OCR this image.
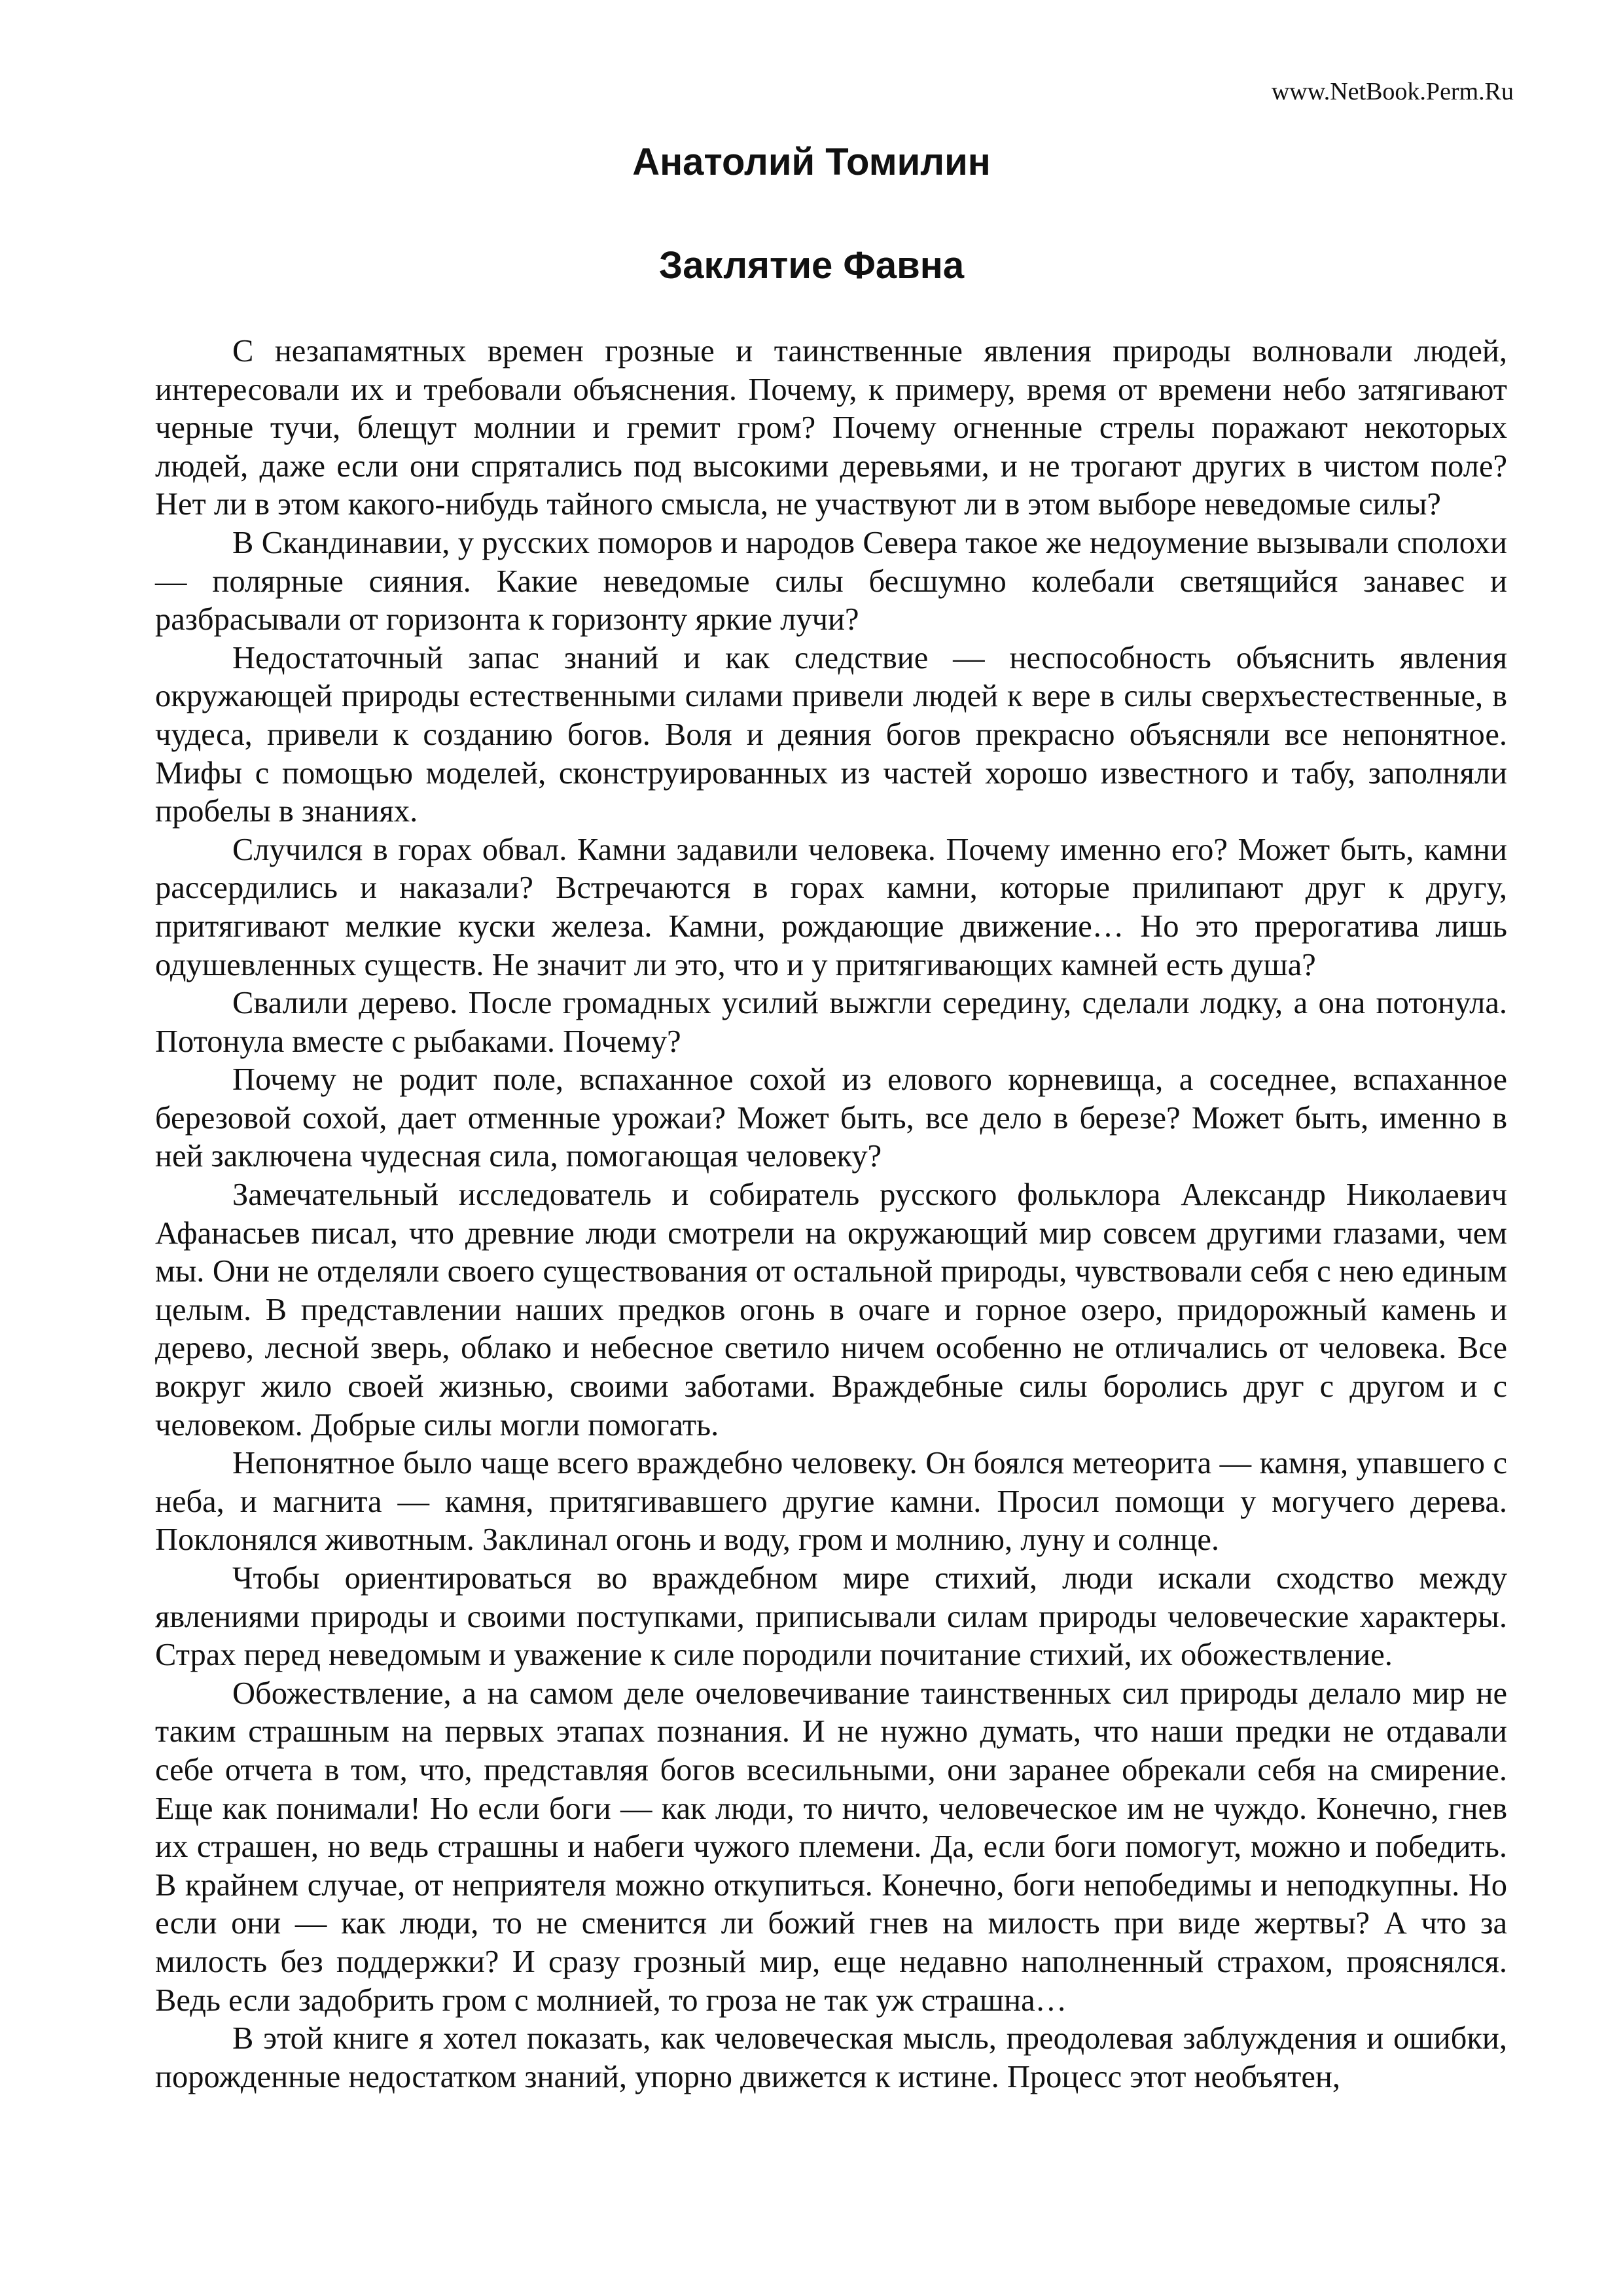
www.NetBook.Perm.Ru
Анатолий Томилин
Заклятие Фавна

С незапамятных времен грозные и таинственные явления природы волновали людей, интересовали их и требовали объяснения. Почему, к примеру, время от времени небо затягивают черные тучи, блещут молнии и гремит гром? Почему огненные стрелы поражают некоторых людей, даже если они спрятались под высокими деревьями, и не трогают других в чистом поле? Нет ли в этом какого-нибудь тайного смысла, не участвуют ли в этом выборе неведомые силы?

В Скандинавии, у русских поморов и народов Севера такое же недоумение вызывали сполохи — полярные сияния. Какие неведомые силы бесшумно колебали светящийся занавес и разбрасывали от горизонта к горизонту яркие лучи?

Недостаточный запас знаний и как следствие — неспособность объяснить явления окружающей природы естественными силами привели людей к вере в силы сверхъестественные, в чудеса, привели к созданию богов. Воля и деяния богов прекрасно объясняли все непонятное. Мифы с помощью моделей, сконструированных из частей хорошо известного и табу, заполняли пробелы в знаниях.

Случился в горах обвал. Камни задавили человека. Почему именно его? Может быть, камни рассердились и наказали? Встречаются в горах камни, которые прилипают друг к другу, притягивают мелкие куски железа. Камни, рождающие движение… Но это прерогатива лишь одушевленных существ. Не значит ли это, что и у притягивающих камней есть душа?

Свалили дерево. После громадных усилий выжгли середину, сделали лодку, а она потонула. Потонула вместе с рыбаками. Почему?

Почему не родит поле, вспаханное сохой из елового корневища, а соседнее, вспаханное березовой сохой, дает отменные урожаи? Может быть, все дело в березе? Может быть, именно в ней заключена чудесная сила, помогающая человеку?

Замечательный исследователь и собиратель русского фольклора Александр Николаевич Афанасьев писал, что древние люди смотрели на окружающий мир совсем другими глазами, чем мы. Они не отделяли своего существования от остальной природы, чувствовали себя с нею единым целым. В представлении наших предков огонь в очаге и горное озеро, придорожный камень и дерево, лесной зверь, облако и небесное светило ничем особенно не отличались от человека. Все вокруг жило своей жизнью, своими заботами. Враждебные силы боролись друг с другом и с человеком. Добрые силы могли помогать.

Непонятное было чаще всего враждебно человеку. Он боялся метеорита — камня, упавшего с неба, и магнита — камня, притягивавшего другие камни. Просил помощи у могучего дерева. Поклонялся животным. Заклинал огонь и воду, гром и молнию, луну и солнце.

Чтобы ориентироваться во враждебном мире стихий, люди искали сходство между явлениями природы и своими поступками, приписывали силам природы человеческие характеры. Страх перед неведомым и уважение к силе породили почитание стихий, их обожествление.

Обожествление, а на самом деле очеловечивание таинственных сил природы делало мир не таким страшным на первых этапах познания. И не нужно думать, что наши предки не отдавали себе отчета в том, что, представляя богов всесильными, они заранее обрекали себя на смирение. Еще как понимали! Но если боги — как люди, то ничто, человеческое им не чуждо. Конечно, гнев их страшен, но ведь страшны и набеги чужого племени. Да, если боги помогут, можно и победить. В крайнем случае, от неприятеля можно откупиться. Конечно, боги непобедимы и неподкупны. Но если они — как люди, то не сменится ли божий гнев на милость при виде жертвы? А что за милость без поддержки? И сразу грозный мир, еще недавно наполненный страхом, прояснялся. Ведь если задобрить гром с молнией, то гроза не так уж страшна…

В этой книге я хотел показать, как человеческая мысль, преодолевая заблуждения и ошибки, порожденные недостатком знаний, упорно движется к истине. Процесс этот необъятен,
